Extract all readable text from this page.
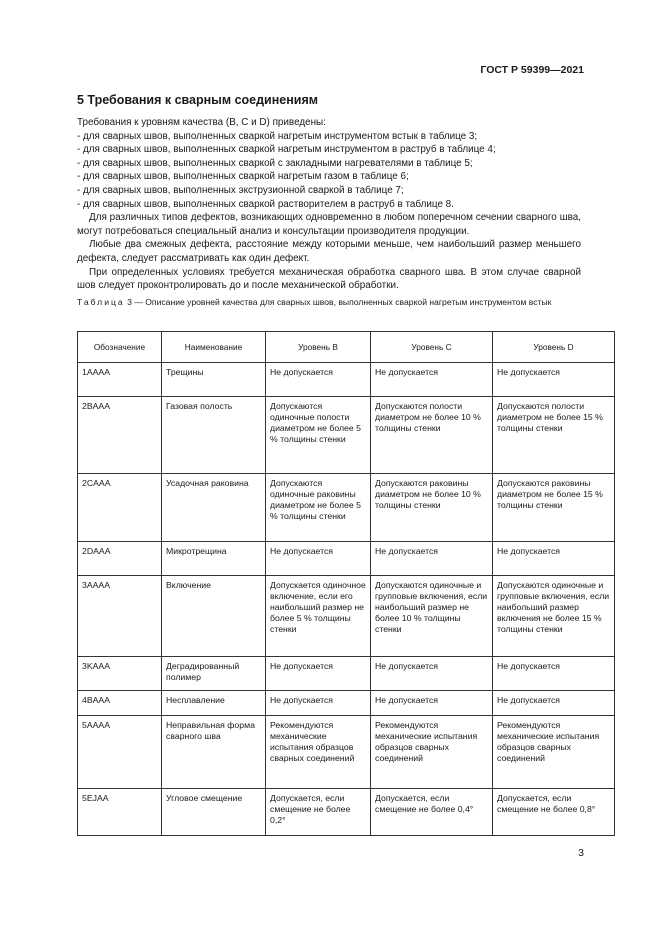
ГОСТ Р 59399—2021
5 Требования к сварным соединениям

Требования к уровням качества (B, C и D) приведены:

- для сварных швов, выполненных сваркой нагретым инструментом встык в таблице 3;
- для сварных швов, выполненных сваркой нагретым инструментом в раструб в таблице 4;
- для сварных швов, выполненных сваркой с закладными нагревателями в таблице 5;
- для сварных швов, выполненных сваркой нагретым газом в таблице 6;
- для сварных швов, выполненных экструзионной сваркой в таблице 7;
- для сварных швов, выполненных сваркой растворителем в раструб в таблице 8.

Для различных типов дефектов, возникающих одновременно в любом поперечном сечении сварного шва, могут потребоваться специальный анализ и консультации производителя продукции.

Любые два смежных дефекта, расстояние между которыми меньше, чем наибольший размер меньшего дефекта, следует рассматривать как один дефект.

При определенных условиях требуется механическая обработка сварного шва. В этом случае сварной шов следует проконтролировать до и после механической обработки.

Таблица 3 — Описание уровней качества для сварных швов, выполненных сваркой нагретым инструментом встык
Обозначение	Наименование	Уровень B	Уровень C	Уровень D
1AAAA	Трещины	Не допускается	Не допускается	Не допускается
2BAAA	Газовая полость	Допускаются одиночные полости диаметром не более 5 % толщины стенки	Допускаются полости диаметром не более 10 % толщины стенки	Допускаются полости диаметром не более 15 % толщины стенки
2CAAA	Усадочная раковина	Допускаются одиночные раковины диаметром не более 5 % толщины стенки	Допускаются раковины диаметром не более 10 % толщины стенки	Допускаются раковины диаметром не более 15 % толщины стенки
2DAAA	Микротрещина	Не допускается	Не допускается	Не допускается
3AAAA	Включение	Допускается одиночное включение, если его наибольший размер не более 5 % толщины стенки	Допускаются одиночные и групповые включения, если наибольший размер не более 10 % толщины стенки	Допускаются одиночные и групповые включения, если наибольший размер включения не более 15 % толщины стенки
3KAAA	Деградированный полимер	Не допускается	Не допускается	Не допускается
4BAAA	Несплавление	Не допускается	Не допускается	Не допускается
5AAAA	Неправильная форма сварного шва	Рекомендуются механические испытания образцов сварных соединений	Рекомендуются механические испытания образцов сварных соединений	Рекомендуются механические испытания образцов сварных соединений
5EJAA	Угловое смещение	Допускается, если смещение не более 0,2°	Допускается, если смещение не более 0,4°	Допускается, если смещение не более 0,8°
3
